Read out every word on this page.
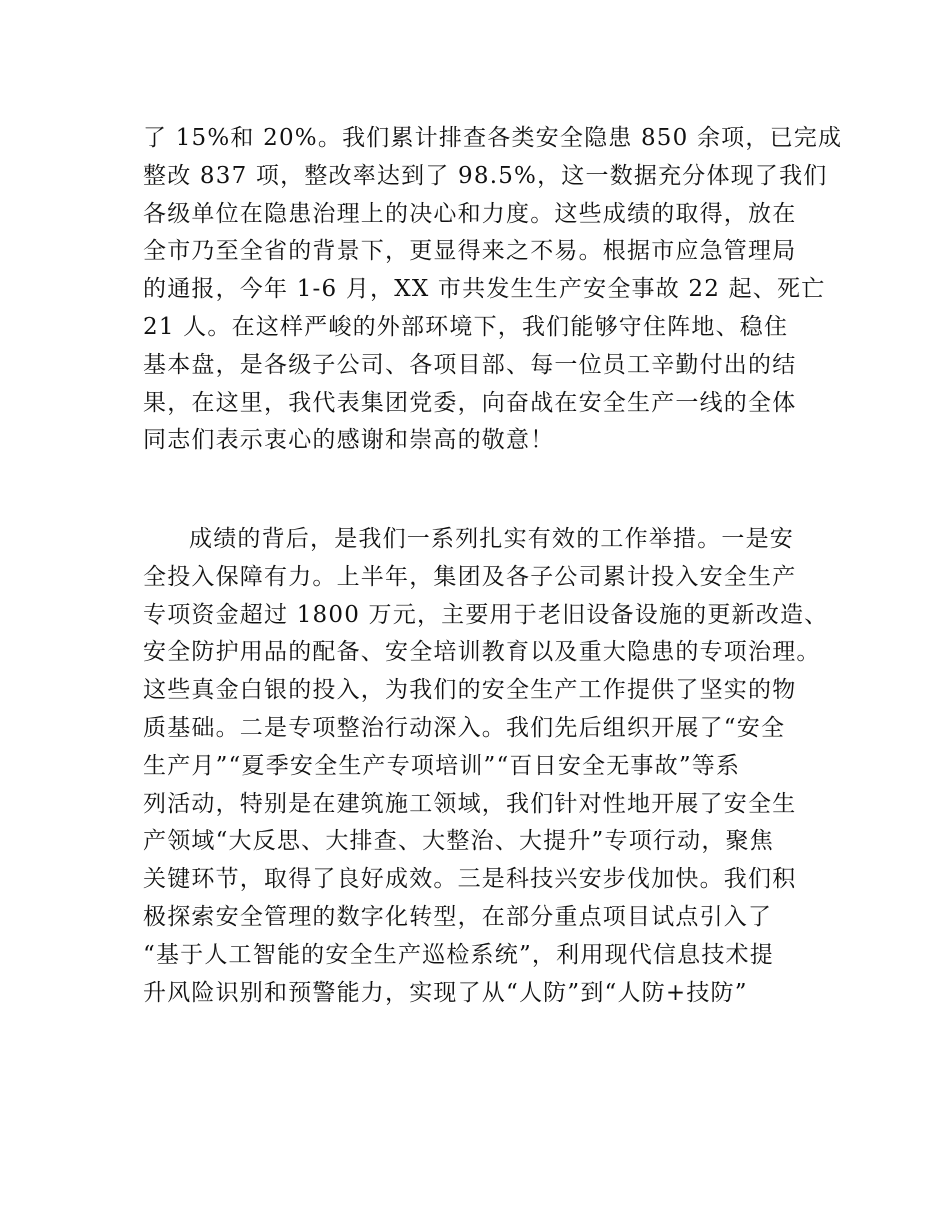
了 15%和 20%。我们累计排查各类安全隐患 850 余项，已完成
整改 837 项，整改率达到了 98.5%，这一数据充分体现了我们
各级单位在隐患治理上的决心和力度。这些成绩的取得，放在
全市乃至全省的背景下，更显得来之不易。根据市应急管理局
的通报，今年 1-6 月，XX 市共发生生产安全事故 22 起、死亡
21 人。在这样严峻的外部环境下，我们能够守住阵地、稳住
基本盘，是各级子公司、各项目部、每一位员工辛勤付出的结
果，在这里，我代表集团党委，向奋战在安全生产一线的全体
同志们表示衷心的感谢和崇高的敬意！
成绩的背后，是我们一系列扎实有效的工作举措。一是安
全投入保障有力。上半年，集团及各子公司累计投入安全生产
专项资金超过 1800 万元，主要用于老旧设备设施的更新改造、
安全防护用品的配备、安全培训教育以及重大隐患的专项治理。
这些真金白银的投入，为我们的安全生产工作提供了坚实的物
质基础。二是专项整治行动深入。我们先后组织开展了“安全
生产月”“夏季安全生产专项培训”“百日安全无事故”等系
列活动，特别是在建筑施工领域，我们针对性地开展了安全生
产领域“大反思、大排查、大整治、大提升”专项行动，聚焦
关键环节，取得了良好成效。三是科技兴安步伐加快。我们积
极探索安全管理的数字化转型，在部分重点项目试点引入了
“基于人工智能的安全生产巡检系统”，利用现代信息技术提
升风险识别和预警能力，实现了从“人防”到“人防+技防”
